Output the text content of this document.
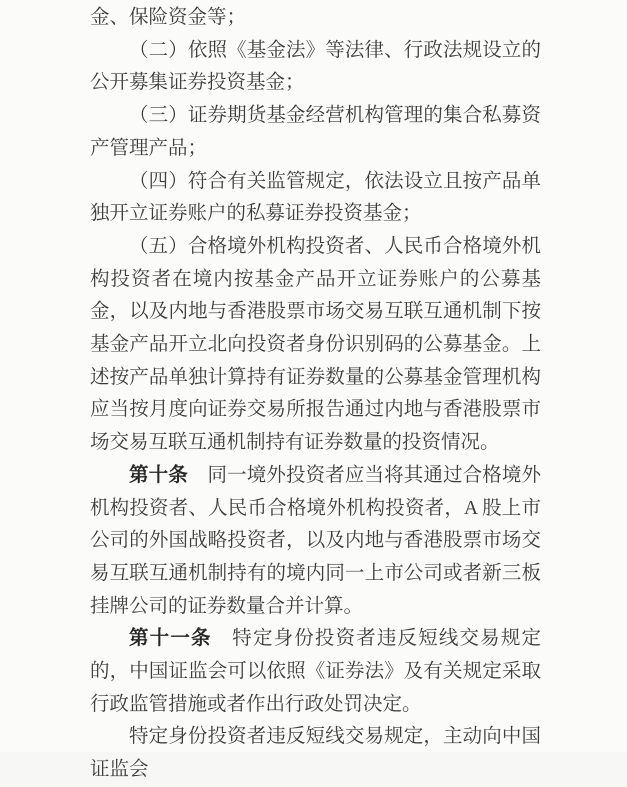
金、保险资金等；

（二）依照《基金法》等法律、行政法规设立的公开募集证券投资基金；

（三）证券期货基金经营机构管理的集合私募资产管理产品；

（四）符合有关监管规定，依法设立且按产品单独开立证券账户的私募证券投资基金；

（五）合格境外机构投资者、人民币合格境外机构投资者在境内按基金产品开立证券账户的公募基金，以及内地与香港股票市场交易互联互通机制下按基金产品开立北向投资者身份识别码的公募基金。上述按产品单独计算持有证券数量的公募基金管理机构应当按月度向证券交易所报告通过内地与香港股票市场交易互联互通机制持有证券数量的投资情况。

第十条　同一境外投资者应当将其通过合格境外机构投资者、人民币合格境外机构投资者，A 股上市公司的外国战略投资者，以及内地与香港股票市场交易互联互通机制持有的境内同一上市公司或者新三板挂牌公司的证券数量合并计算。

第十一条　特定身份投资者违反短线交易规定的，中国证监会可以依照《证券法》及有关规定采取行政监管措施或者作出行政处罚决定。

特定身份投资者违反短线交易规定，主动向中国证监会
